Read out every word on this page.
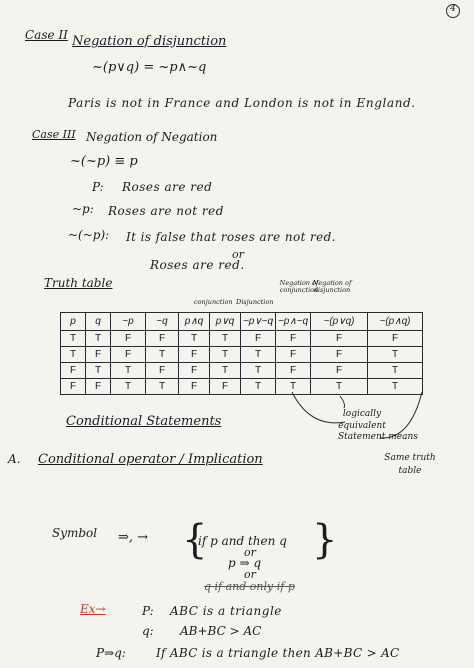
4
Case II Negation of disjunction
~(p∨q) = ~p∧~q
Paris is not in France and London is not in England.
Case III Negation of Negation
~(~p) ≡ p
P: Roses are red
~p: Roses are not red
~(~p): It is false that roses are not red.
or
Roses are red.
Truth table	Negation of conjunction
Negation of disjunction
conjunction Disjunction
p	q	~p	~q	p∧q	p∨q	~p∨~q	~p∧~q	~(p∨q)	~(p∧q)
T	T	F	F	T	T	F	F	F	F
T	F	F	T	F	T	T	F	F	T
F	T	T	F	F	T	T	F	F	T
F	F	T	T	F	F	T	T	T	T
logically equivalent
Statement means
Same truth table
Conditional Statements
A. Conditional operator / Implication
Symbol ⇒, → {	}
if p and then q
or
p ⇒ q
or
q if and only if p
Ex→	P: ABC is a triangle
q: AB+BC > AC
P⇒q:	If ABC is a triangle then AB+BC > AC
